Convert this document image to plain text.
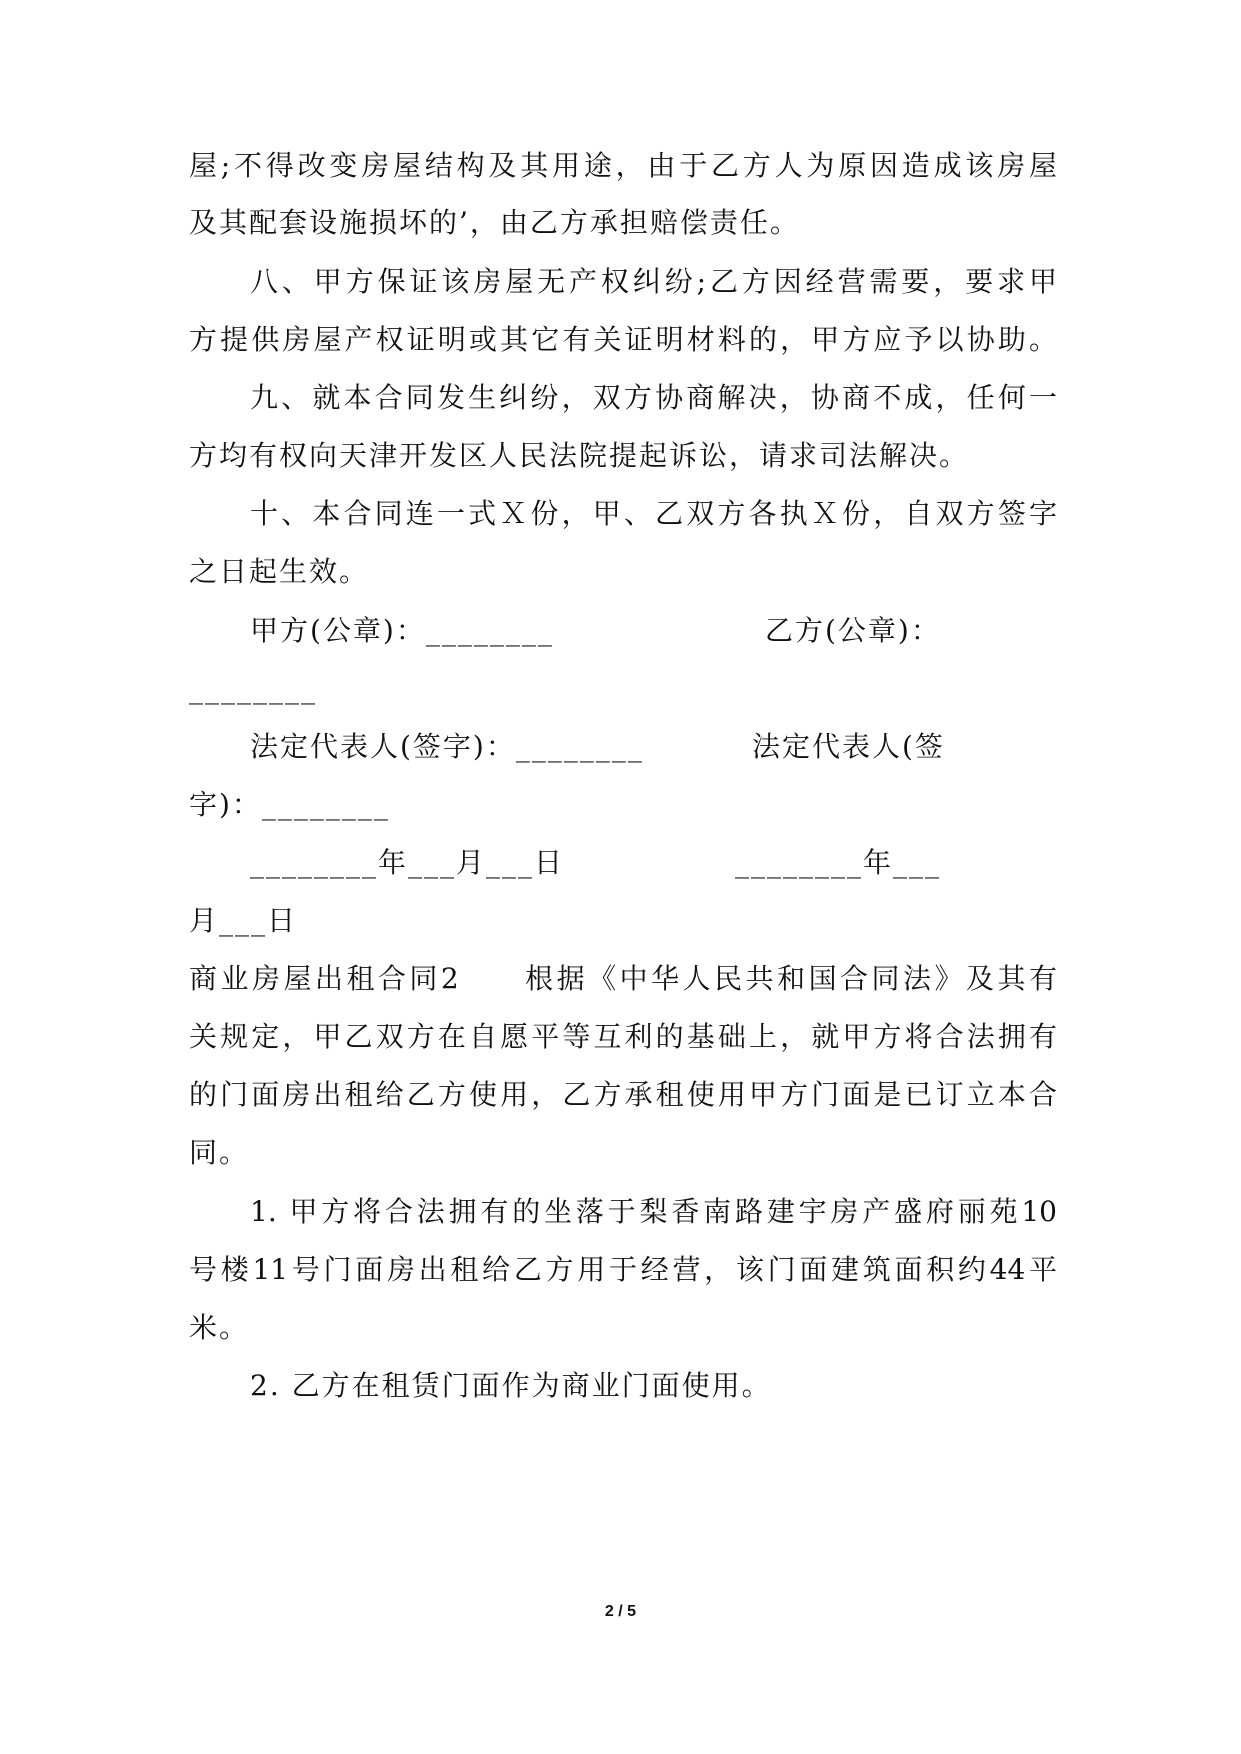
屋;不得改变房屋结构及其用途，由于乙方人为原因造成该房屋
及其配套设施损坏的’，由乙方承担赔偿责任。
八、甲方保证该房屋无产权纠纷;乙方因经营需要，要求甲
方提供房屋产权证明或其它有关证明材料的，甲方应予以协助。
九、就本合同发生纠纷，双方协商解决，协商不成，任何一
方均有权向天津开发区人民法院提起诉讼，请求司法解决。
十、本合同连一式Ｘ份，甲、乙双方各执Ｘ份，自双方签字
之日起生效。
甲方(公章)：________	乙方(公章)：
________
法定代表人(签字)：________	法定代表人(签
字)：________
________年___月___日	________年___
月___日
商业房屋出租合同2　　根据《中华人民共和国合同法》及其有
关规定，甲乙双方在自愿平等互利的基础上，就甲方将合法拥有
的门面房出租给乙方使用，乙方承租使用甲方门面是已订立本合
同。
1. 甲方将合法拥有的坐落于梨香南路建宇房产盛府丽苑10
号楼11号门面房出租给乙方用于经营，该门面建筑面积约44平
米。
2. 乙方在租赁门面作为商业门面使用。
2 / 5
